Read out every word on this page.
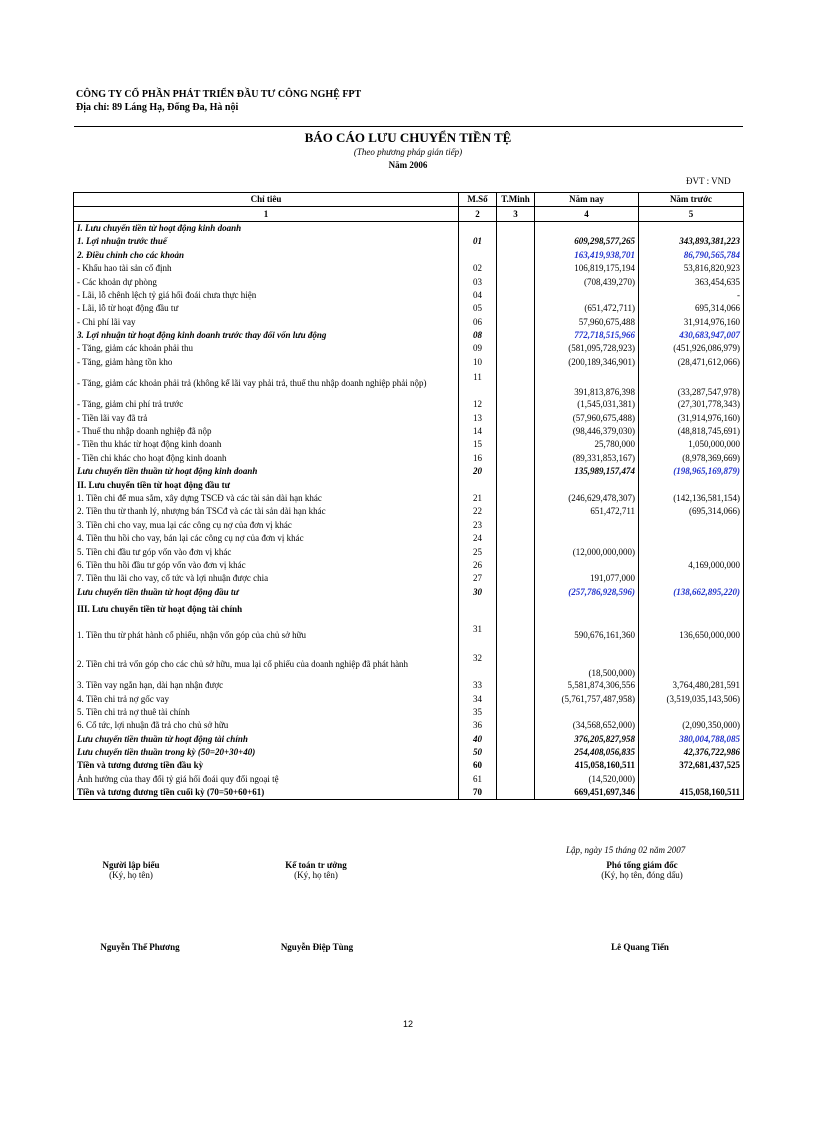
CÔNG TY CỔ PHẦN PHÁT TRIỂN ĐẦU TƯ CÔNG NGHỆ FPT
Địa chỉ: 89 Láng Hạ, Đống Đa, Hà nội
BÁO CÁO LƯU CHUYỂN TIỀN TỆ
(Theo phương pháp gián tiếp)
Năm 2006
ĐVT : VND
Chỉ tiêu	M.Số	T.Minh	Năm nay	Năm trước
1	2	3	4	5
I. Lưu chuyển tiền từ hoạt động kinh doanh				
1. Lợi nhuận trước thuế	01		609,298,577,265	343,893,381,223
2. Điều chỉnh cho các khoản			163,419,938,701	86,790,565,784
- Khấu hao tài sản cố định	02		106,819,175,194	53,816,820,923
- Các khoản dự phòng	03		(708,439,270)	363,454,635
- Lãi, lỗ chênh lệch tỷ giá hối đoái chưa thực hiện	04			-
- Lãi, lỗ từ hoạt động đầu tư	05		(651,472,711)	695,314,066
- Chi phí lãi vay	06		57,960,675,488	31,914,976,160
3. Lợi nhuận từ hoạt động kinh doanh trước thay đổi vốn lưu động	08		772,718,515,966	430,683,947,007
- Tăng, giảm các khoản phải thu	09		(581,095,728,923)	(451,926,086,979)
- Tăng, giảm hàng tồn kho	10		(200,189,346,901)	(28,471,612,066)
- Tăng, giảm các khoản phải trả (không kể lãi vay phải trả, thuế thu nhập doanh nghiệp phải nộp)	11		391,813,876,398	(33,287,547,978)
- Tăng, giảm chi phí trả trước	12		(1,545,031,381)	(27,301,778,343)
- Tiền lãi vay đã trả	13		(57,960,675,488)	(31,914,976,160)
- Thuế thu nhập doanh nghiệp đã nộp	14		(98,446,379,030)	(48,818,745,691)
- Tiền thu khác từ hoạt động kinh doanh	15		25,780,000	1,050,000,000
- Tiền chi khác cho hoạt động kinh doanh	16		(89,331,853,167)	(8,978,369,669)
Lưu chuyển tiền thuần từ hoạt động kinh doanh	20		135,989,157,474	(198,965,169,879)
II. Lưu chuyển tiền từ hoạt động đầu tư				
1. Tiền chi để mua sắm, xây dựng TSCĐ và các tài sản dài hạn khác	21		(246,629,478,307)	(142,136,581,154)
2. Tiền thu từ thanh lý, nhượng bán TSCđ và các tài sản dài hạn khác	22		651,472,711	(695,314,066)
3. Tiền chi cho vay, mua lại các công cụ nợ của đơn vị khác	23			
4. Tiền thu hồi cho vay, bán lại các công cụ nợ của đơn vị khác	24			
5. Tiền chi đầu tư góp vốn vào đơn vị khác	25		(12,000,000,000)	
6. Tiền thu hồi đầu tư góp vốn vào đơn vị khác	26			4,169,000,000
7. Tiền thu lãi cho vay, cổ tức và lợi nhuận được chia	27		191,077,000	
Lưu chuyển tiền thuần từ hoạt động đầu tư	30		(257,786,928,596)	(138,662,895,220)
III. Lưu chuyển tiền từ hoạt động tài chính				
1. Tiền thu từ phát hành cổ phiếu, nhận vốn góp của chủ sở hữu	31		590,676,161,360	136,650,000,000
2. Tiền chi trả vốn góp cho các chủ sở hữu, mua lại cổ phiếu của doanh nghiệp đã phát hành	32		(18,500,000)	
3. Tiền vay ngắn hạn, dài hạn nhận được	33		5,581,874,306,556	3,764,480,281,591
4. Tiền chi trả nợ gốc vay	34		(5,761,757,487,958)	(3,519,035,143,506)
5. Tiền chi trả nợ thuê tài chính	35			
6. Cổ tức, lợi nhuận đã trả cho chủ sở hữu	36		(34,568,652,000)	(2,090,350,000)
Lưu chuyển tiền thuần từ hoạt động tài chính	40		376,205,827,958	380,004,788,085
Lưu chuyển tiền thuần trong kỳ (50=20+30+40)	50		254,408,056,835	42,376,722,986
Tiền và tương đương tiền đầu kỳ	60		415,058,160,511	372,681,437,525
Ảnh hưởng của thay đổi tỷ giá hối đoái quy đổi ngoại tệ	61		(14,520,000)	
Tiền và tương đương tiền cuối kỳ (70=50+60+61)	70		669,451,697,346	415,058,160,511
Lập, ngày 15 tháng 02 năm 2007
Người lập biểu
(Ký, họ tên)
Kế toán tr ưởng
(Ký, họ tên)
Phó tổng giám đốc
(Ký, họ tên, đóng dấu)
Nguyễn Thế Phương	Nguyễn Điệp Tùng	Lê Quang Tiến
12
